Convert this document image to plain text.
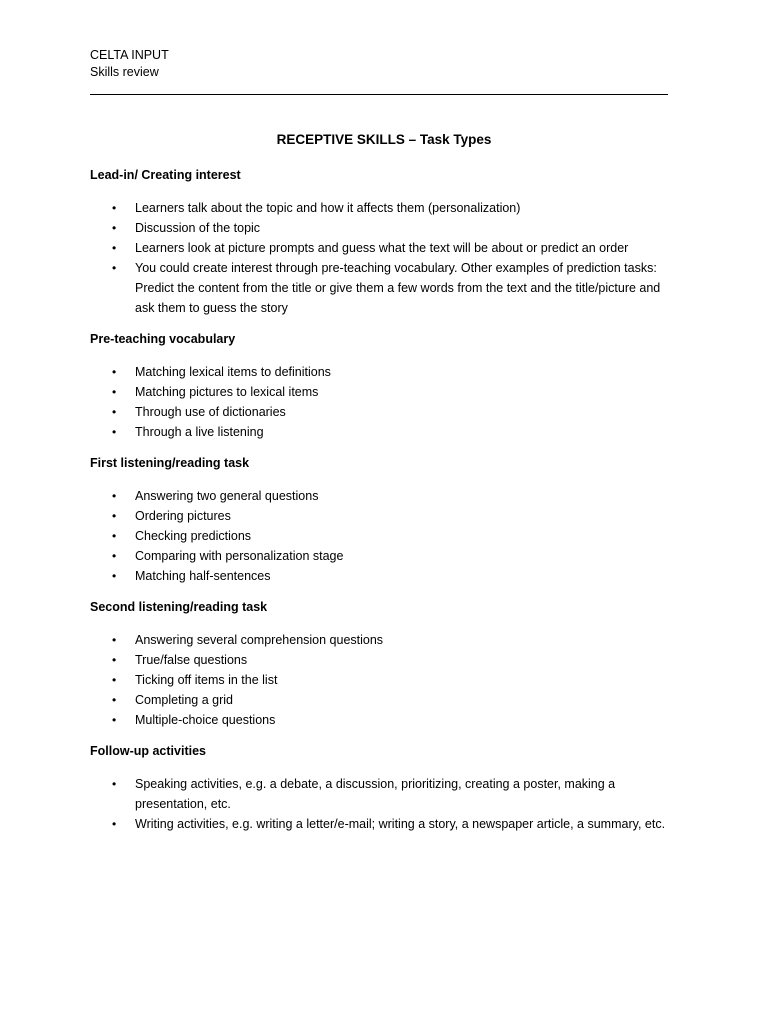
CELTA INPUT
Skills review
RECEPTIVE SKILLS – Task Types

Lead-in/ Creating interest

•	Learners talk about the topic and how it affects them (personalization)
•	Discussion of the topic
•	Learners look at picture prompts and guess what the text will be about or predict an order
•	You could create interest through pre-teaching vocabulary. Other examples of prediction tasks: Predict the content from the title or give them a few words from the text and the title/picture and ask them to guess the story

Pre-teaching vocabulary

•	Matching lexical items to definitions
•	Matching pictures to lexical items
•	Through use of dictionaries
•	Through a live listening

First listening/reading task

•	Answering two general questions
•	Ordering pictures
•	Checking predictions
•	Comparing with personalization stage
•	Matching half-sentences

Second listening/reading task

•	Answering several comprehension questions
•	True/false questions
•	Ticking off items in the list
•	Completing a grid
•	Multiple-choice questions

Follow-up activities

•	Speaking activities, e.g. a debate, a discussion, prioritizing, creating a poster, making a presentation, etc.
•	Writing activities, e.g. writing a letter/e-mail; writing a story, a newspaper article, a summary, etc.
